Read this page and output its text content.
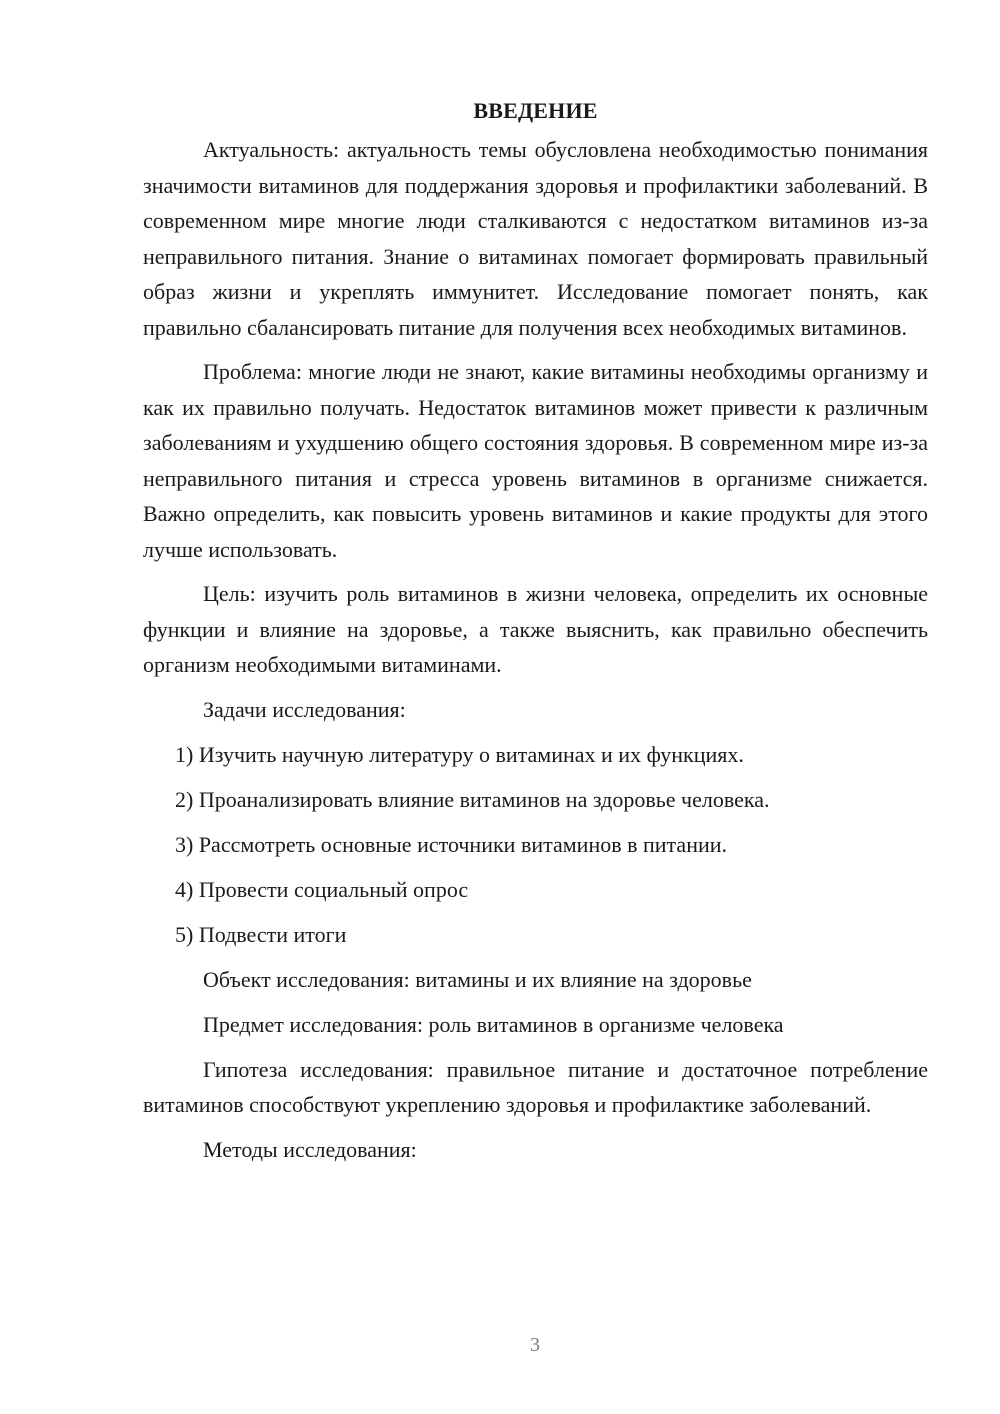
ВВЕДЕНИЕ

Актуальность: актуальность темы обусловлена необходимостью понимания значимости витаминов для поддержания здоровья и профилактики заболеваний. В современном мире многие люди сталкиваются с недостатком витаминов из-за неправильного питания. Знание о витаминах помогает формировать правильный образ жизни и укреплять иммунитет. Исследование помогает понять, как правильно сбалансировать питание для получения всех необходимых витаминов.

Проблема: многие люди не знают, какие витамины необходимы организму и как их правильно получать. Недостаток витаминов может привести к различным заболеваниям и ухудшению общего состояния здоровья. В современном мире из-за неправильного питания и стресса уровень витаминов в организме снижается. Важно определить, как повысить уровень витаминов и какие продукты для этого лучше использовать.

Цель: изучить роль витаминов в жизни человека, определить их основные функции и влияние на здоровье, а также выяснить, как правильно обеспечить организм необходимыми витаминами.

Задачи исследования:
1) Изучить научную литературу о витаминах и их функциях.
2) Проанализировать влияние витаминов на здоровье человека.
3) Рассмотреть основные источники витаминов в питании.
4) Провести социальный опрос
5) Подвести итоги
Объект исследования: витамины и их влияние на здоровье
Предмет исследования: роль витаминов в организме человека

Гипотеза исследования: правильное питание и достаточное потребление витаминов способствуют укреплению здоровья и профилактике заболеваний.

Методы исследования:
3
